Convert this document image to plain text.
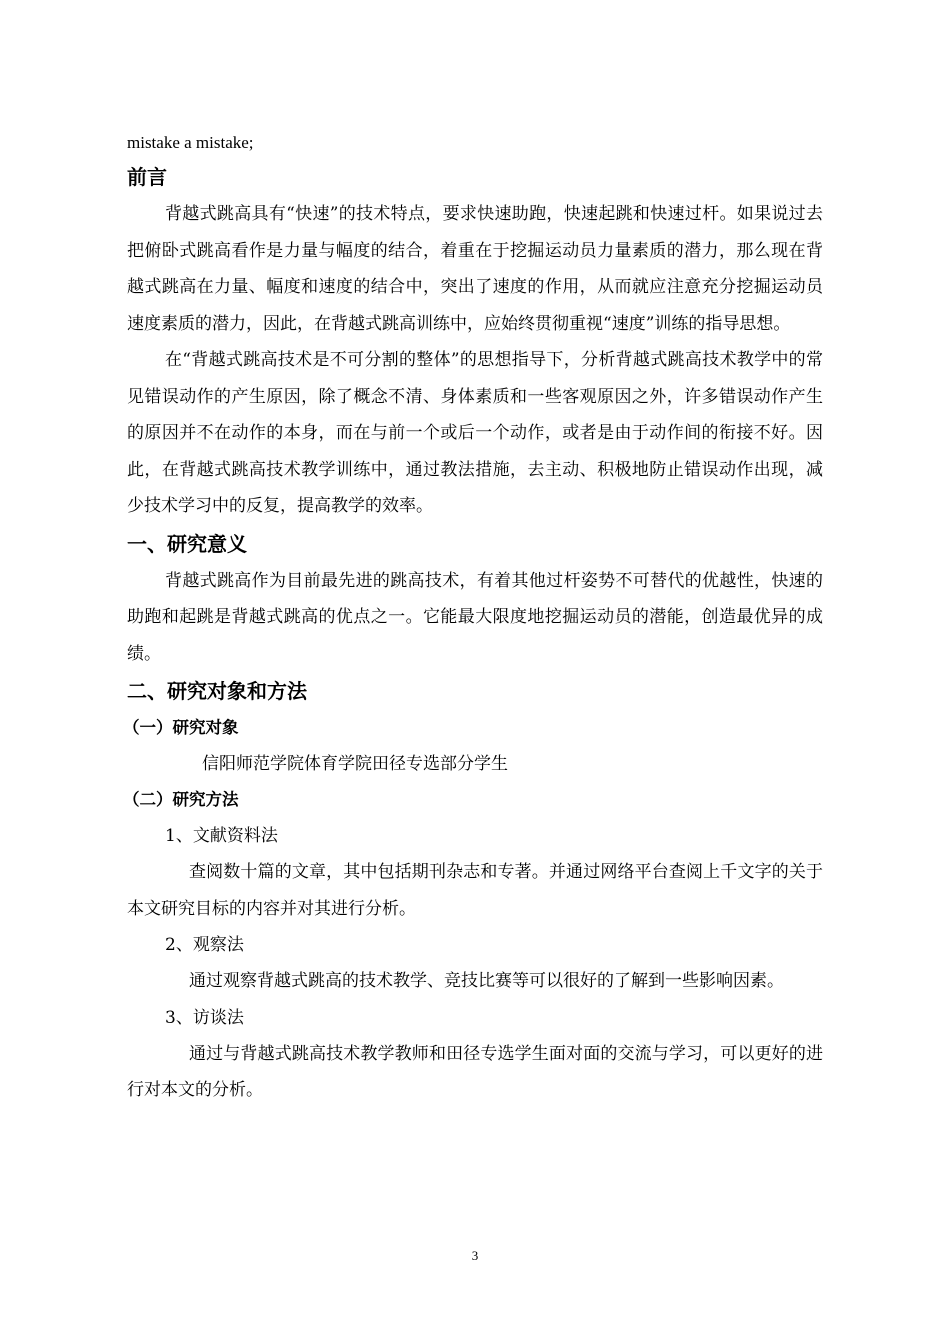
mistake a mistake;
前言

背越式跳高具有“快速”的技术特点，要求快速助跑，快速起跳和快速过杆。如果说过去把俯卧式跳高看作是力量与幅度的结合，着重在于挖掘运动员力量素质的潜力，那么现在背越式跳高在力量、幅度和速度的结合中，突出了速度的作用，从而就应注意充分挖掘运动员速度素质的潜力，因此，在背越式跳高训练中，应始终贯彻重视“速度”训练的指导思想。

在“背越式跳高技术是不可分割的整体”的思想指导下，分析背越式跳高技术教学中的常见错误动作的产生原因，除了概念不清、身体素质和一些客观原因之外，许多错误动作产生的原因并不在动作的本身，而在与前一个或后一个动作，或者是由于动作间的衔接不好。因此，在背越式跳高技术教学训练中，通过教法措施，去主动、积极地防止错误动作出现，减少技术学习中的反复，提高教学的效率。

一、研究意义

背越式跳高作为目前最先进的跳高技术，有着其他过杆姿势不可替代的优越性，快速的助跑和起跳是背越式跳高的优点之一。它能最大限度地挖掘运动员的潜能，创造最优异的成绩。

二、研究对象和方法
（一）研究对象

信阳师范学院体育学院田径专选部分学生

（二）研究方法

1、文献资料法

查阅数十篇的文章，其中包括期刊杂志和专著。并通过网络平台查阅上千文字的关于本文研究目标的内容并对其进行分析。

2、观察法

通过观察背越式跳高的技术教学、竞技比赛等可以很好的了解到一些影响因素。

3、访谈法

通过与背越式跳高技术教学教师和田径专选学生面对面的交流与学习，可以更好的进行对本文的分析。

3
